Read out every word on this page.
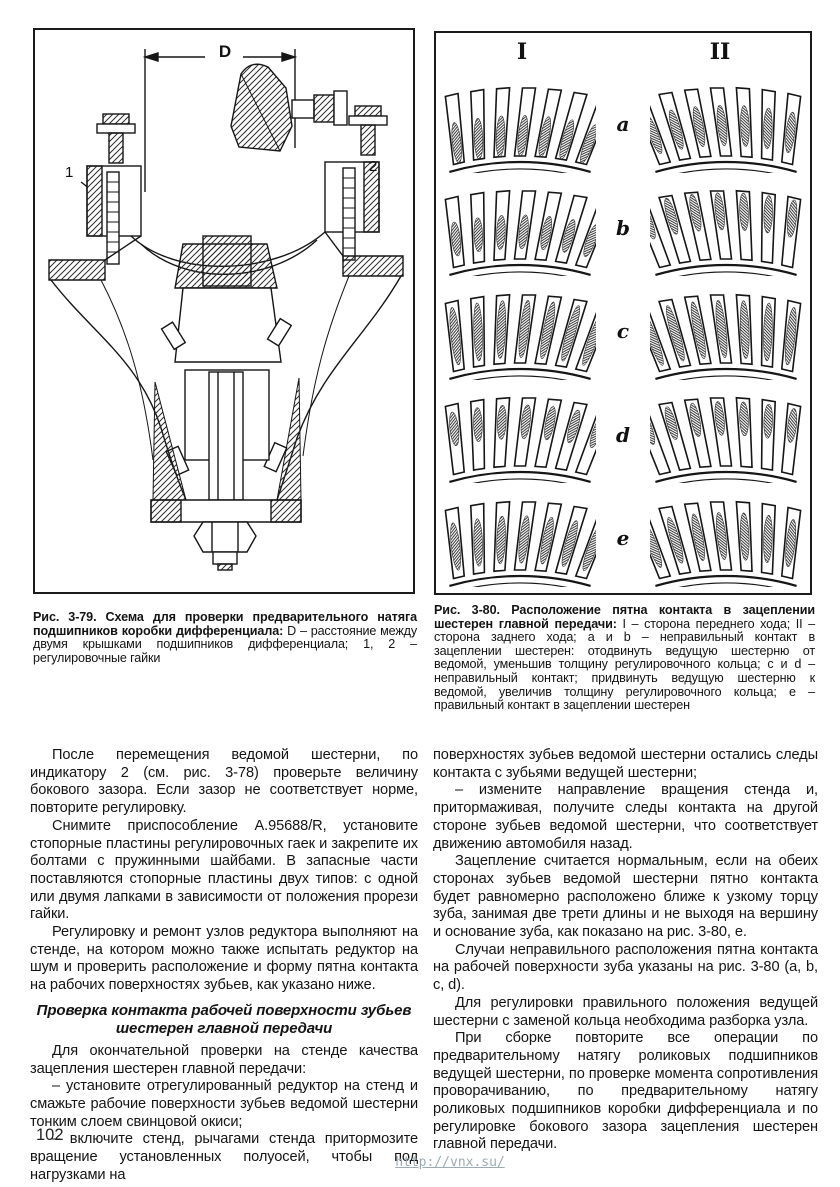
D
1	2
I	II
a
b
c
d
e

Рис. 3-79. Схема для проверки предварительного натяга подшипников коробки дифференциала: D – расстояние между двумя крышками подшипников дифференциала; 1, 2 – регулировочные гайки

Рис. 3-80. Расположение пятна контакта в зацеплении шестерен главной передачи: I – сторона переднего хода; II – сторона заднего хода; а и b – неправильный контакт в зацеплении шестерен: отодвинуть ведущую шестерню от ведомой, уменьшив толщину регулировочного кольца; с и d – неправильный контакт; придвинуть ведущую шестерню к ведомой, увеличив толщину регулировочного кольца; е – правильный контакт в зацеплении шестерен

После перемещения ведомой шестерни, по индикатору 2 (см. рис. 3-78) проверьте величину бокового зазора. Если зазор не соответствует норме, повторите регулировку.

Снимите приспособление А.95688/R, установите стопорные пластины регулировочных гаек и закрепите их болтами с пружинными шайбами. В запасные части поставляются стопорные пластины двух типов: с одной или двумя лапками в зависимости от положения прорези гайки.

Регулировку и ремонт узлов редуктора выполняют на стенде, на котором можно также испытать редуктор на шум и проверить расположение и форму пятна контакта на рабочих поверхностях зубьев, как указано ниже.

Проверка контакта рабочей поверхности зубьев шестерен главной передачи

Для окончательной проверки на стенде качества зацепления шестерен главной передачи:

– установите отрегулированный редуктор на стенд и смажьте рабочие поверхности зубьев ведомой шестерни тонким слоем свинцовой окиси;

– включите стенд, рычагами стенда притормозите вращение установленных полуосей, чтобы под нагрузками на

поверхностях зубьев ведомой шестерни остались следы контакта с зубьями ведущей шестерни;

– измените направление вращения стенда и, притормаживая, получите следы контакта на другой стороне зубьев ведомой шестерни, что соответствует движению автомобиля назад.

Зацепление считается нормальным, если на обеих сторонах зубьев ведомой шестерни пятно контакта будет равномерно расположено ближе к узкому торцу зуба, занимая две трети длины и не выходя на вершину и основание зуба, как показано на рис. 3-80, е.

Случаи неправильного расположения пятна контакта на рабочей поверхности зуба указаны на рис. 3-80 (a, b, c, d).

Для регулировки правильного положения ведущей шестерни с заменой кольца необходима разборка узла.

При сборке повторите все операции по предварительному натягу роликовых подшипников ведущей шестерни, по проверке момента сопротивления проворачиванию, по предварительному натягу роликовых подшипников коробки дифференциала и по регулировке бокового зазора зацепления шестерен главной передачи.

102
http://vnx.su/
